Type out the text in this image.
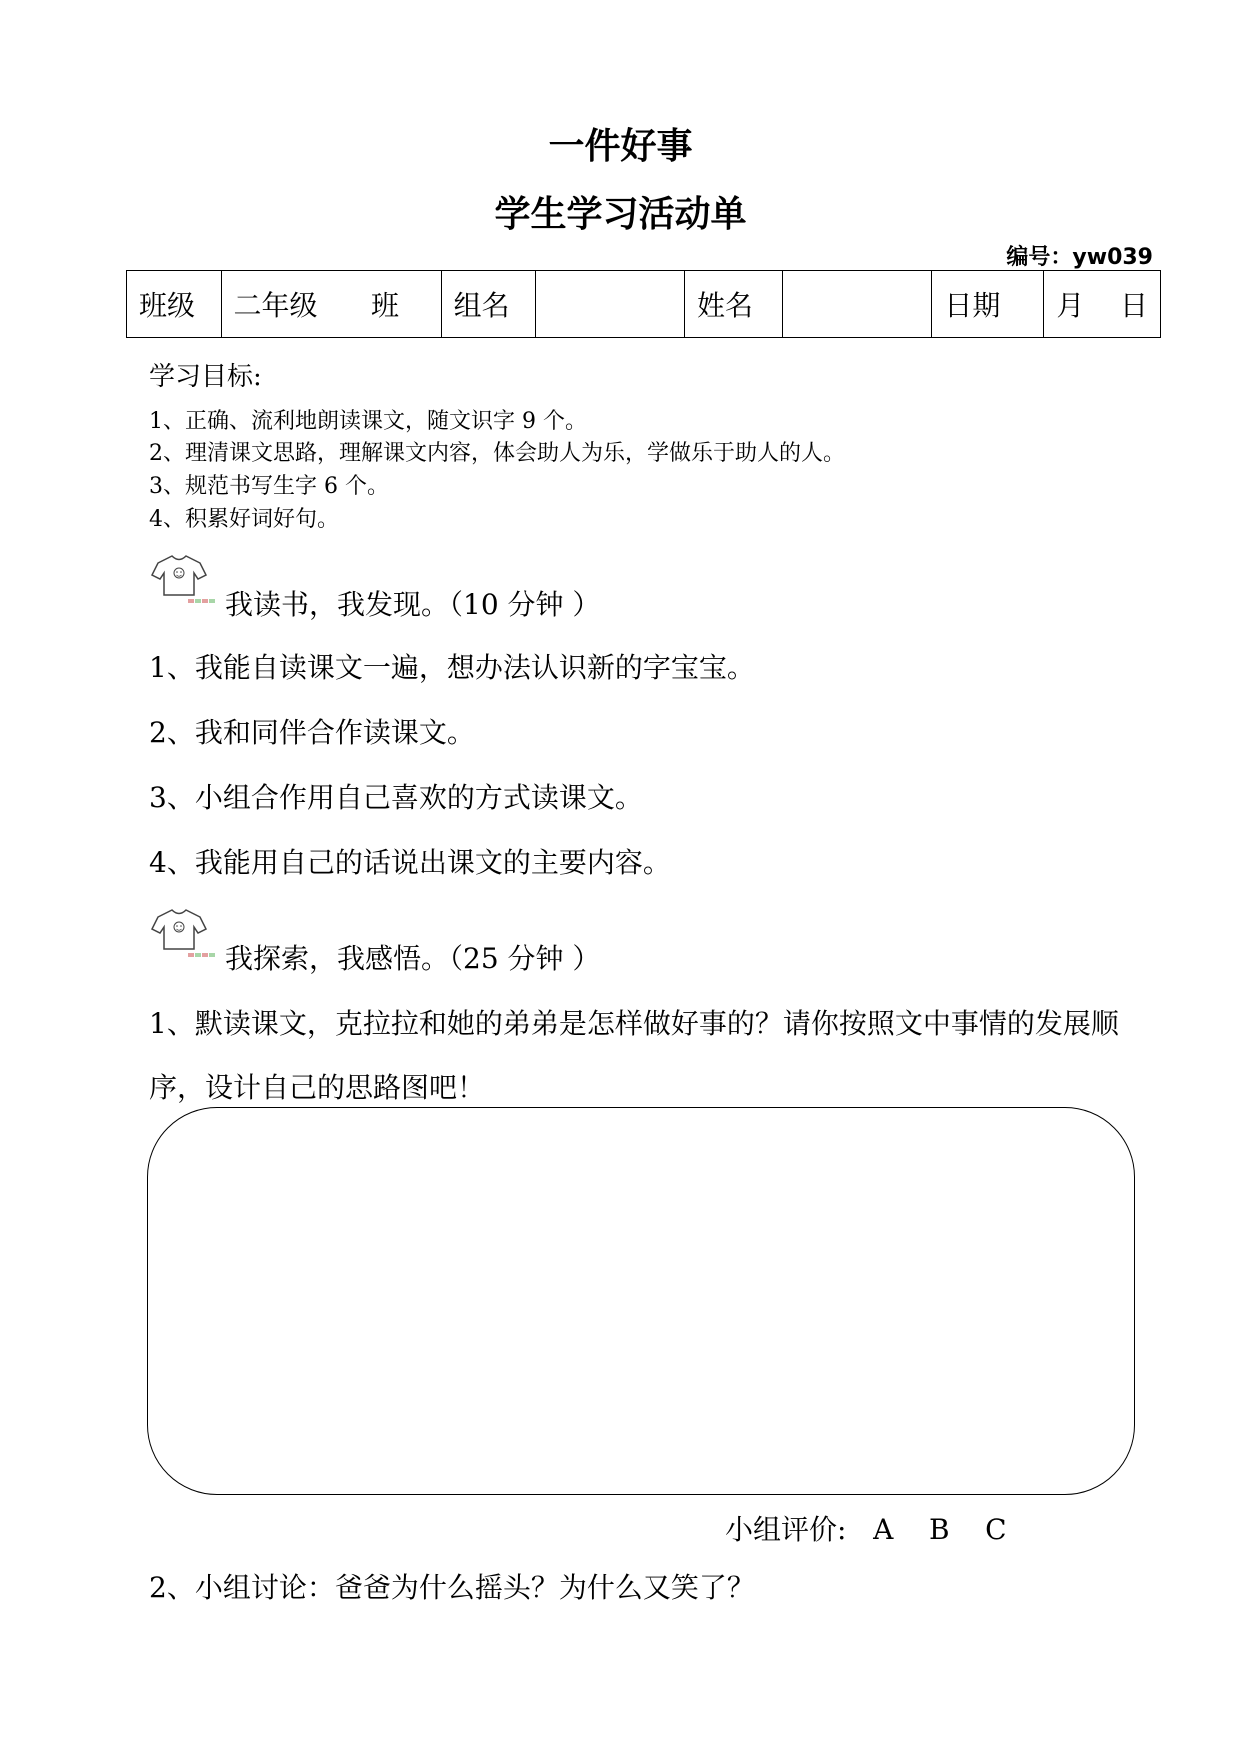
一件好事
学生学习活动单
编号：yw039
班级	二年级      班	组名		姓名		日期	月    日
学习目标:
1、正确、流利地朗读课文，随文识字 9 个。
2、理清课文思路，理解课文内容，体会助人为乐，学做乐于助人的人。
3、规范书写生字 6 个。
4、积累好词好句。
我读书，我发现。（10 分钟 ）
1、我能自读课文一遍，想办法认识新的字宝宝。
2、我和同伴合作读课文。
3、小组合作用自己喜欢的方式读课文。
4、我能用自己的话说出课文的主要内容。
我探索，我感悟。（25 分钟 ）
1、默读课文，克拉拉和她的弟弟是怎样做好事的？请你按照文中事情的发展顺
序，设计自己的思路图吧！
小组评价:   A    B    C
2、小组讨论：爸爸为什么摇头？为什么又笑了？
